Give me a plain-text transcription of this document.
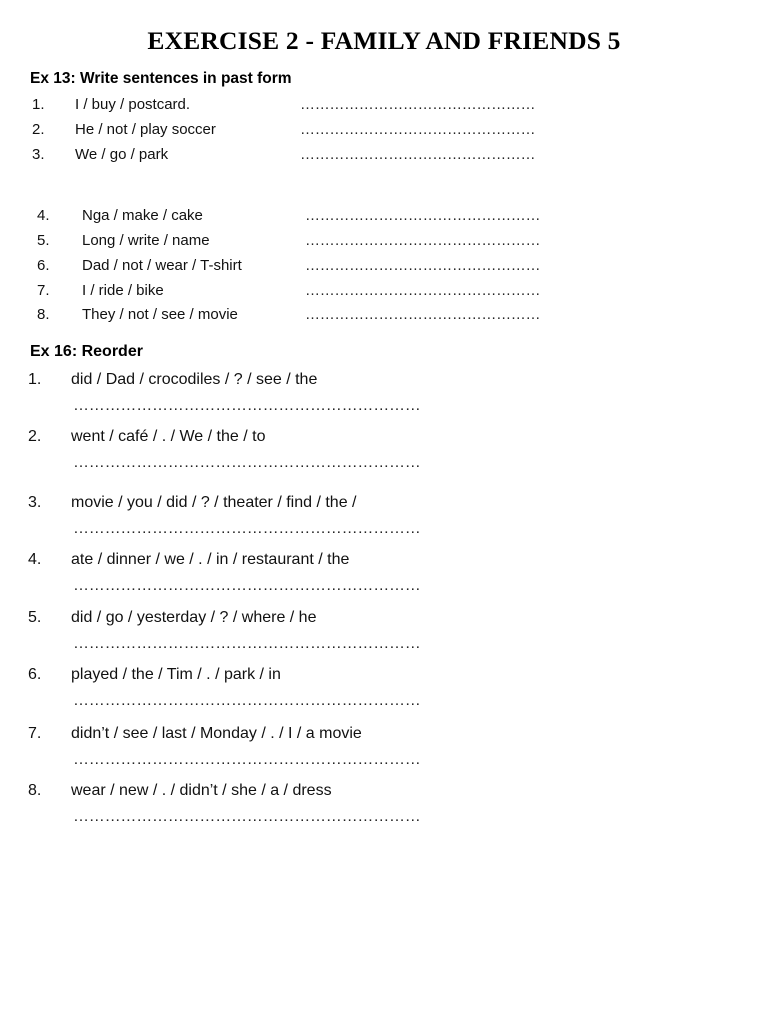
EXERCISE 2 - FAMILY AND FRIENDS 5
Ex 13: Write sentences in past form
1. I / buy / postcard.	…………………………………………
2. He / not / play soccer	…………………………………………
3. We / go / park	…………………………………………
4. Nga / make / cake	…………………………………………
5. Long / write / name	…………………………………………
6. Dad / not / wear / T-shirt	…………………………………………
7. I / ride / bike	…………………………………………
8. They / not / see / movie	…………………………………………
Ex 16: Reorder
1. did / Dad / crocodiles / ? / see / the
…………………………………………………………
2. went / café / . / We / the / to
…………………………………………………………
3. movie / you / did / ? / theater / find / the /
…………………………………………………………
4. ate / dinner / we / . / in / restaurant / the
…………………………………………………………
5. did / go / yesterday / ? / where / he
…………………………………………………………
6. played / the / Tim / . / park / in
…………………………………………………………
7. didn’t / see / last / Monday / . / I / a movie
…………………………………………………………
8. wear / new / . / didn’t / she / a / dress
…………………………………………………………
